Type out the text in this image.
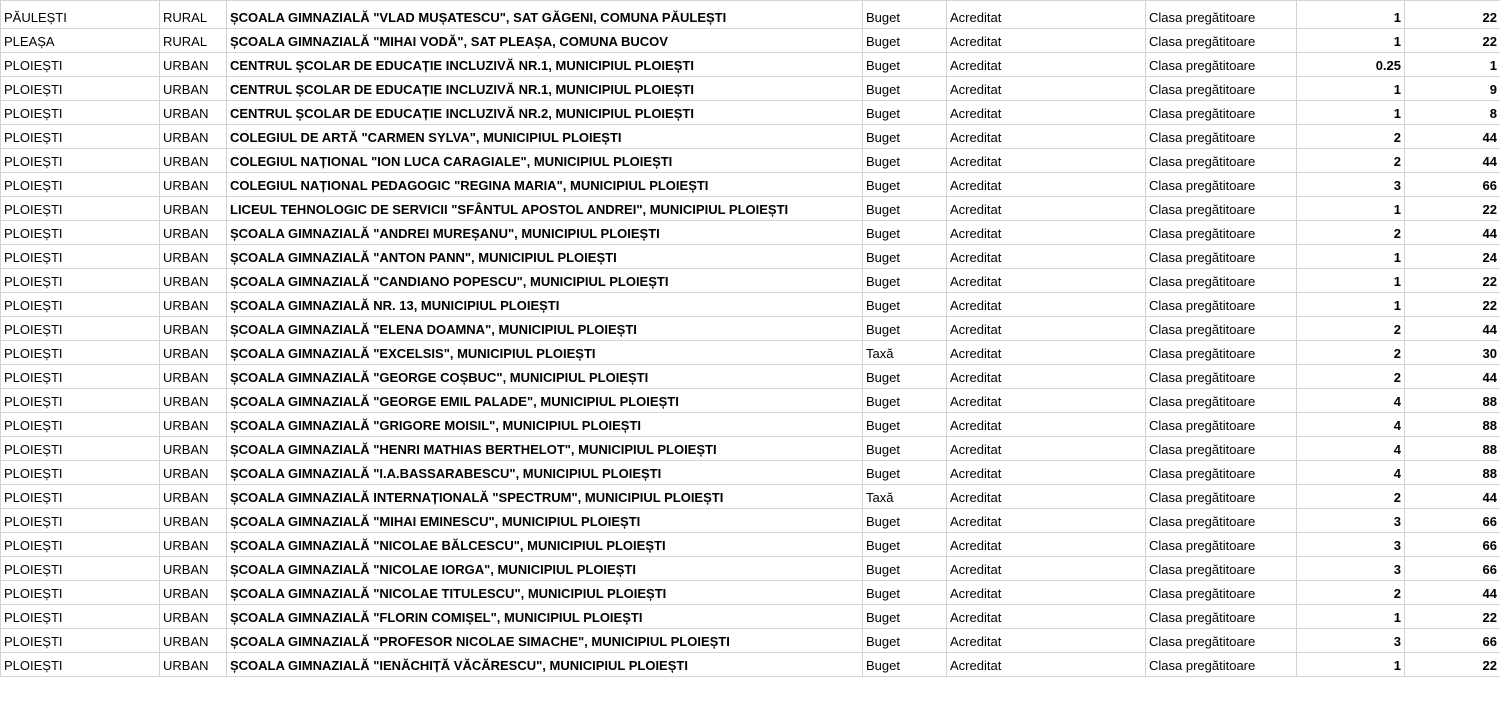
PĂULEȘTI	RURAL	ȘCOALA GIMNAZIALĂ "VLAD MUȘATESCU", SAT GĂGENI, COMUNA PĂULEȘTI	Buget	Acreditat	Clasa pregătitoare	1	22
PLEAȘA	RURAL	ȘCOALA GIMNAZIALĂ "MIHAI VODĂ", SAT PLEAȘA, COMUNA BUCOV	Buget	Acreditat	Clasa pregătitoare	1	22
PLOIEȘTI	URBAN	CENTRUL ȘCOLAR DE EDUCAȚIE INCLUZIVĂ NR.1, MUNICIPIUL PLOIEȘTI	Buget	Acreditat	Clasa pregătitoare	0.25	1
PLOIEȘTI	URBAN	CENTRUL ȘCOLAR DE EDUCAȚIE INCLUZIVĂ NR.1, MUNICIPIUL PLOIEȘTI	Buget	Acreditat	Clasa pregătitoare	1	9
PLOIEȘTI	URBAN	CENTRUL ȘCOLAR DE EDUCAȚIE INCLUZIVĂ NR.2, MUNICIPIUL PLOIEȘTI	Buget	Acreditat	Clasa pregătitoare	1	8
PLOIEȘTI	URBAN	COLEGIUL DE ARTĂ "CARMEN SYLVA", MUNICIPIUL PLOIEȘTI	Buget	Acreditat	Clasa pregătitoare	2	44
PLOIEȘTI	URBAN	COLEGIUL NAȚIONAL "ION LUCA CARAGIALE", MUNICIPIUL PLOIEȘTI	Buget	Acreditat	Clasa pregătitoare	2	44
PLOIEȘTI	URBAN	COLEGIUL NAȚIONAL PEDAGOGIC "REGINA MARIA", MUNICIPIUL PLOIEȘTI	Buget	Acreditat	Clasa pregătitoare	3	66
PLOIEȘTI	URBAN	LICEUL TEHNOLOGIC DE SERVICII "SFÂNTUL APOSTOL ANDREI", MUNICIPIUL PLOIEȘTI	Buget	Acreditat	Clasa pregătitoare	1	22
PLOIEȘTI	URBAN	ȘCOALA GIMNAZIALĂ "ANDREI MUREȘANU", MUNICIPIUL PLOIEȘTI	Buget	Acreditat	Clasa pregătitoare	2	44
PLOIEȘTI	URBAN	ȘCOALA GIMNAZIALĂ "ANTON PANN", MUNICIPIUL PLOIEȘTI	Buget	Acreditat	Clasa pregătitoare	1	24
PLOIEȘTI	URBAN	ȘCOALA GIMNAZIALĂ "CANDIANO POPESCU", MUNICIPIUL PLOIEȘTI	Buget	Acreditat	Clasa pregătitoare	1	22
PLOIEȘTI	URBAN	ȘCOALA GIMNAZIALĂ NR. 13, MUNICIPIUL PLOIEȘTI	Buget	Acreditat	Clasa pregătitoare	1	22
PLOIEȘTI	URBAN	ȘCOALA GIMNAZIALĂ "ELENA DOAMNA", MUNICIPIUL PLOIEȘTI	Buget	Acreditat	Clasa pregătitoare	2	44
PLOIEȘTI	URBAN	ȘCOALA GIMNAZIALĂ "EXCELSIS", MUNICIPIUL PLOIEȘTI	Taxă	Acreditat	Clasa pregătitoare	2	30
PLOIEȘTI	URBAN	ȘCOALA GIMNAZIALĂ "GEORGE COȘBUC", MUNICIPIUL PLOIEȘTI	Buget	Acreditat	Clasa pregătitoare	2	44
PLOIEȘTI	URBAN	ȘCOALA GIMNAZIALĂ "GEORGE EMIL PALADE", MUNICIPIUL PLOIEȘTI	Buget	Acreditat	Clasa pregătitoare	4	88
PLOIEȘTI	URBAN	ȘCOALA GIMNAZIALĂ "GRIGORE MOISIL", MUNICIPIUL PLOIEȘTI	Buget	Acreditat	Clasa pregătitoare	4	88
PLOIEȘTI	URBAN	ȘCOALA GIMNAZIALĂ "HENRI MATHIAS BERTHELOT", MUNICIPIUL PLOIEȘTI	Buget	Acreditat	Clasa pregătitoare	4	88
PLOIEȘTI	URBAN	ȘCOALA GIMNAZIALĂ "I.A.BASSARABESCU", MUNICIPIUL PLOIEȘTI	Buget	Acreditat	Clasa pregătitoare	4	88
PLOIEȘTI	URBAN	ȘCOALA GIMNAZIALĂ INTERNAȚIONALĂ "SPECTRUM", MUNICIPIUL PLOIEȘTI	Taxă	Acreditat	Clasa pregătitoare	2	44
PLOIEȘTI	URBAN	ȘCOALA GIMNAZIALĂ "MIHAI EMINESCU", MUNICIPIUL PLOIEȘTI	Buget	Acreditat	Clasa pregătitoare	3	66
PLOIEȘTI	URBAN	ȘCOALA GIMNAZIALĂ "NICOLAE BĂLCESCU", MUNICIPIUL PLOIEȘTI	Buget	Acreditat	Clasa pregătitoare	3	66
PLOIEȘTI	URBAN	ȘCOALA GIMNAZIALĂ "NICOLAE IORGA", MUNICIPIUL PLOIEȘTI	Buget	Acreditat	Clasa pregătitoare	3	66
PLOIEȘTI	URBAN	ȘCOALA GIMNAZIALĂ "NICOLAE TITULESCU", MUNICIPIUL PLOIEȘTI	Buget	Acreditat	Clasa pregătitoare	2	44
PLOIEȘTI	URBAN	ȘCOALA GIMNAZIALĂ "FLORIN COMIȘEL", MUNICIPIUL PLOIEȘTI	Buget	Acreditat	Clasa pregătitoare	1	22
PLOIEȘTI	URBAN	ȘCOALA GIMNAZIALĂ "PROFESOR NICOLAE SIMACHE", MUNICIPIUL PLOIEȘTI	Buget	Acreditat	Clasa pregătitoare	3	66
PLOIEȘTI	URBAN	ȘCOALA GIMNAZIALĂ "IENĂCHIȚĂ VĂCĂRESCU", MUNICIPIUL PLOIEȘTI	Buget	Acreditat	Clasa pregătitoare	1	22
